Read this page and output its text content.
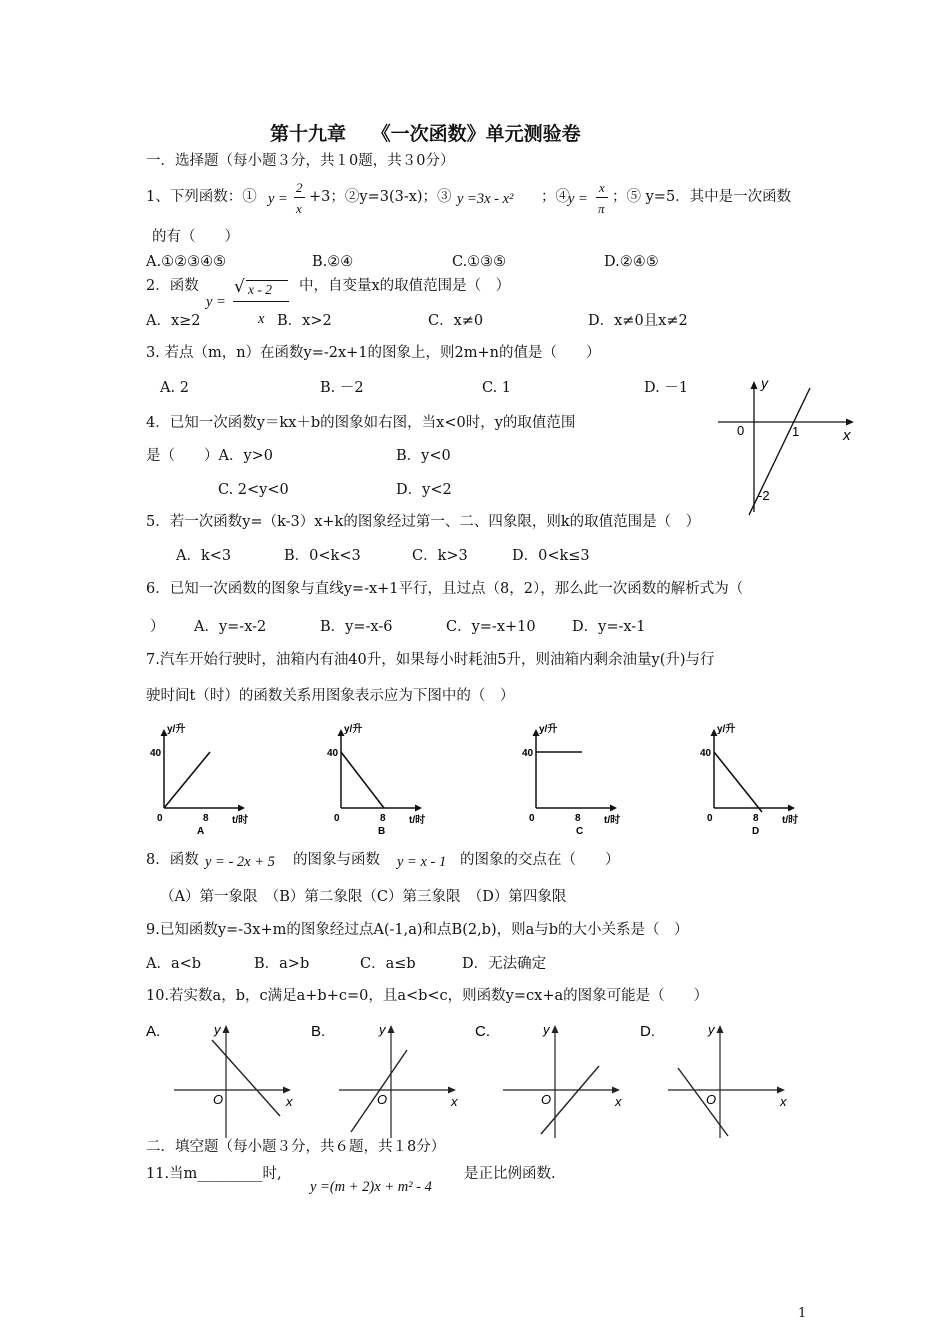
第十九章　 《一次函数》单元测验卷
一．选择题（每小题３分，共１0题，共３0分）
1、下列函数：① y =
2
x
+3；②y=3(3-x)；③ y =3x - x² ；④
y =
x
π
；⑤ y=5．其中是一次函数
的有（　　）
A.①②③④⑤	B.②④	C.①③⑤	D.②④⑤
2．函数
y =
√ x - 2
x
中，自变量x的取值范围是（　）
A．x≥2	B．x>2	C．x≠0	D．x≠0且x≠2
3. 若点（m，n）在函数y=-2x+1的图象上，则2m+n的值是（　　）
A. 2	B. －2	C. 1	D. －1
4．已知一次函数y＝kx＋b的图象如右图，当x<0时，y的取值范围
是（　　）A．y>0	B．y<0
C. 2<y<0	D．y<2
y
x
0	1
-2
5．若一次函数y=（k-3）x+k的图象经过第一、二、四象限，则k的取值范围是（　）
A．k<3	B．0<k<3	C．k>3	D．0<k≤3
6．已知一次函数的图象与直线y=-x+1平行，且过点（8，2），那么此一次函数的解析式为（
） A．y=-x-2	B．y=-x-6	C．y=-x+10	D．y=-x-1
7.汽车开始行驶时，油箱内有油40升，如果每小时耗油5升，则油箱内剩余油量y(升)与行
驶时间t（时）的函数关系用图象表示应为下图中的（　）
y/升
40
0	8 t/时
A
y/升
40
0	8 t/时
B
y/升
40
0	8 t/时
C
y/升
40
0	8 t/时
D
8．函数 y = - 2x + 5 的图象与函数 y = x - 1 的图象的交点在（　　）
（A）第一象限　（B）第二象限（C）第三象限　（D）第四象限
9.已知函数y=-3x+m的图象经过点A(-1,a)和点B(2,b)，则a与b的大小关系是（　）
A．a<b	B．a>b	C．a≤b	D．无法确定
10.若实数a，b，c满足a+b+c=0，且a<b<c，则函数y=cx+a的图象可能是（　　）
A.	y
O	x
B.	y
O	x
C.	y
O	x
D.	y
O	x
二．填空题（每小题３分，共６题，共１8分）
11.当m_________时,
y =(m + 2)x + m² - 4
是正比例函数.
1
